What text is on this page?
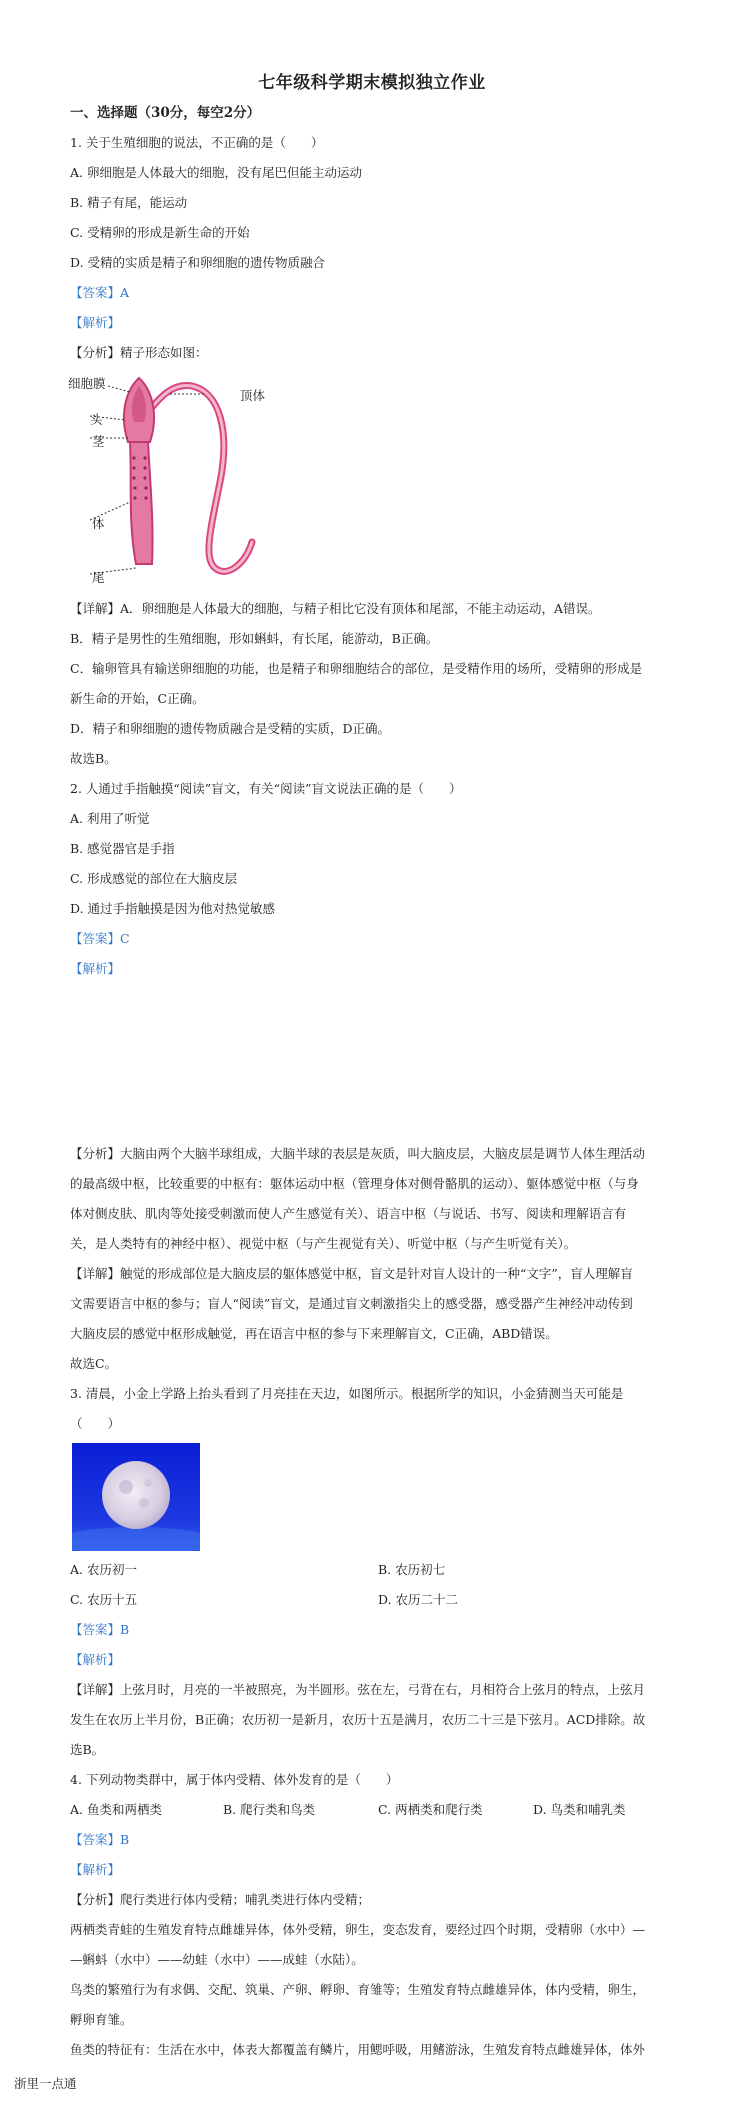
七年级科学期末模拟独立作业
一、选择题（30分，每空2分）
1. 关于生殖细胞的说法，不正确的是（　　）
A. 卵细胞是人体最大的细胞，没有尾巴但能主动运动
B. 精子有尾，能运动
C. 受精卵的形成是新生命的开始
D. 受精的实质是精子和卵细胞的遗传物质融合
【答案】A
【解析】
【分析】精子形态如图：
细胞膜
顶体
头
茎
体
尾
【详解】A．卵细胞是人体最大的细胞，与精子相比它没有顶体和尾部，不能主动运动，A错误。
B．精子是男性的生殖细胞，形如蝌蚪，有长尾，能游动，B正确。
C．输卵管具有输送卵细胞的功能，也是精子和卵细胞结合的部位，是受精作用的场所，受精卵的形成是
新生命的开始，C正确。
D．精子和卵细胞的遗传物质融合是受精的实质，D正确。
故选B。
2. 人通过手指触摸“阅读”盲文，有关“阅读”盲文说法正确的是（　　）
A. 利用了听觉
B. 感觉器官是手指
C. 形成感觉的部位在大脑皮层
D. 通过手指触摸是因为他对热觉敏感
【答案】C
【解析】
【分析】大脑由两个大脑半球组成，大脑半球的表层是灰质，叫大脑皮层，大脑皮层是调节人体生理活动
的最高级中枢，比较重要的中枢有：躯体运动中枢（管理身体对侧骨骼肌的运动）、躯体感觉中枢（与身
体对侧皮肤、肌肉等处接受刺激而使人产生感觉有关）、语言中枢（与说话、书写、阅读和理解语言有
关，是人类特有的神经中枢）、视觉中枢（与产生视觉有关）、听觉中枢（与产生听觉有关）。
【详解】触觉的形成部位是大脑皮层的躯体感觉中枢，盲文是针对盲人设计的一种“文字”，盲人理解盲
文需要语言中枢的参与；盲人“阅读”盲文，是通过盲文刺激指尖上的感受器，感受器产生神经冲动传到
大脑皮层的感觉中枢形成触觉，再在语言中枢的参与下来理解盲文，C正确，ABD错误。
故选C。
3. 清晨，小金上学路上抬头看到了月亮挂在天边，如图所示。根据所学的知识，小金猜测当天可能是
（　　）
A. 农历初一	B. 农历初七
C. 农历十五	D. 农历二十二
【答案】B
【解析】
【详解】上弦月时，月亮的一半被照亮，为半圆形。弦在左，弓背在右，月相符合上弦月的特点，上弦月
发生在农历上半月份，B正确；农历初一是新月，农历十五是满月，农历二十三是下弦月。ACD排除。故
选B。
4. 下列动物类群中，属于体内受精、体外发育的是（　　）
A. 鱼类和两栖类	B. 爬行类和鸟类	C. 两栖类和爬行类	D. 鸟类和哺乳类
【答案】B
【解析】
【分析】爬行类进行体内受精；哺乳类进行体内受精；
两栖类青蛙的生殖发育特点雌雄异体，体外受精，卵生，变态发育，要经过四个时期，受精卵（水中）—
—蝌蚪（水中）——幼蛙（水中）——成蛙（水陆）。
鸟类的繁殖行为有求偶、交配、筑巢、产卵、孵卵、育雏等；生殖发育特点雌雄异体，体内受精，卵生，
孵卵育雏。
鱼类的特征有：生活在水中，体表大都覆盖有鳞片，用鳃呼吸，用鳍游泳，生殖发育特点雌雄异体，体外
浙里一点通
